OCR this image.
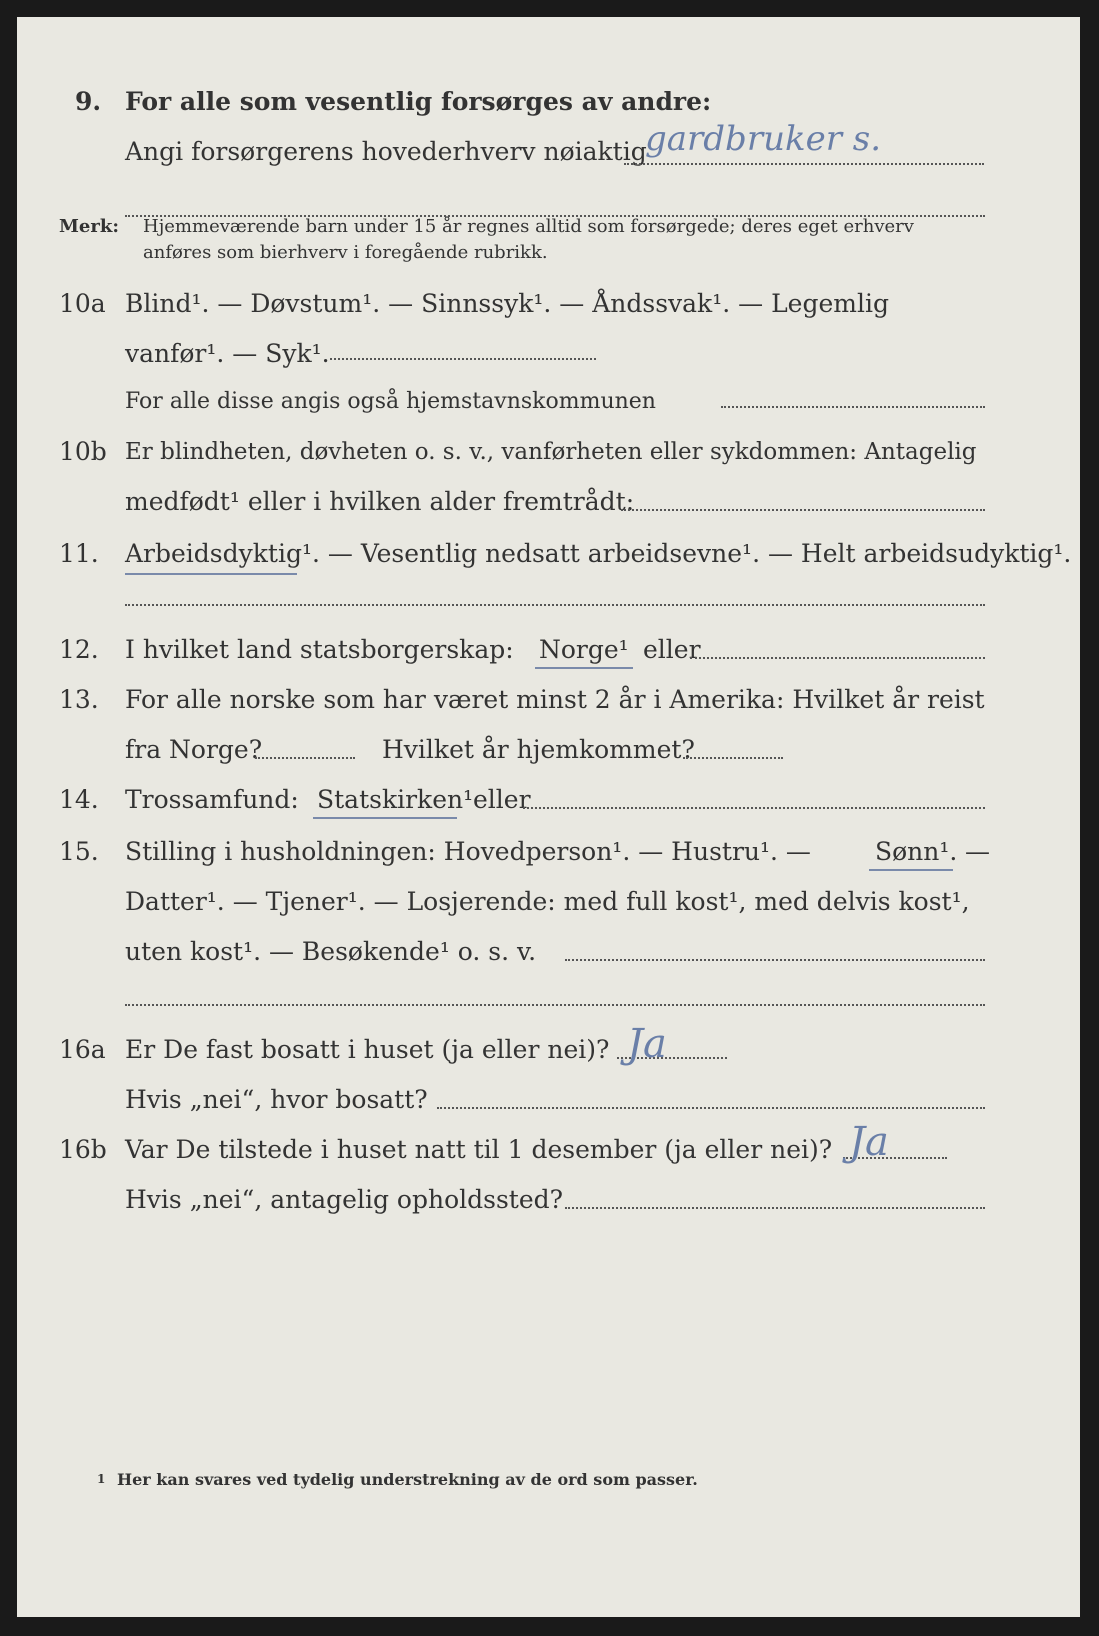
9. For alle som vesentlig forsørges av andre:
Angi forsørgerens hovederhverv nøiaktig
gardbruker s.
Merk: Hjemmeværende barn under 15 år regnes alltid som forsørgede; deres eget erhverv
anføres som bierhverv i foregående rubrikk.
10a Blind¹. — Døvstum¹. — Sinnssyk¹. — Åndssvak¹. — Legemlig
vanfør¹. — Syk¹.
For alle disse angis også hjemstavnskommunen
10b Er blindheten, døvheten o. s. v., vanførheten eller sykdommen: Antagelig
medfødt¹ eller i hvilken alder fremtrådt:
11. Arbeidsdyktig¹. — Vesentlig nedsatt arbeidsevne¹. — Helt arbeidsudyktig¹.
12. I hvilket land statsborgerskap: Norge¹ eller
13. For alle norske som har været minst 2 år i Amerika: Hvilket år reist
fra Norge?	Hvilket år hjemkommet?
14. Trossamfund: Statskirken¹ eller
15. Stilling i husholdningen: Hovedperson¹. — Hustru¹. —	Sønn¹. —
Datter¹. — Tjener¹. — Losjerende: med full kost¹, med delvis kost¹,
uten kost¹. — Besøkende¹ o. s. v.
16a Er De fast bosatt i huset (ja eller nei)? Ja
Hvis „nei“, hvor bosatt?
16b Var De tilstede i huset natt til 1 desember (ja eller nei)? Ja
Hvis „nei“, antagelig opholdssted?
1 Her kan svares ved tydelig understrekning av de ord som passer.
